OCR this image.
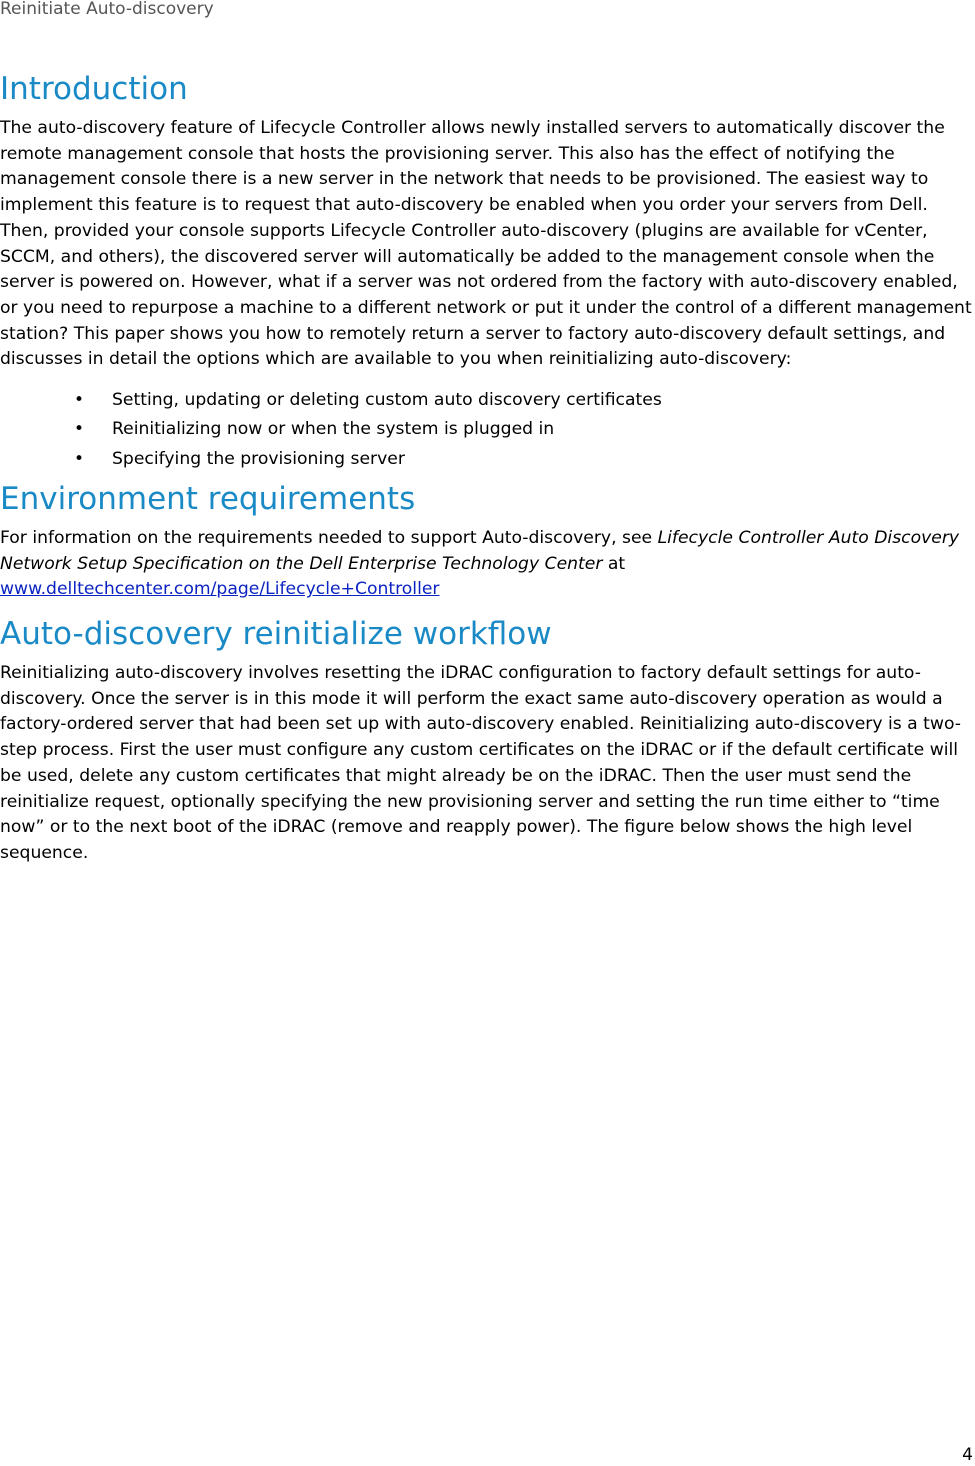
Reinitiate Auto-discovery
Introduction

The auto-discovery feature of Lifecycle Controller allows newly installed servers to automatically discover the remote management console that hosts the provisioning server. This also has the effect of notifying the management console there is a new server in the network that needs to be provisioned. The easiest way to implement this feature is to request that auto-discovery be enabled when you order your servers from Dell. Then, provided your console supports Lifecycle Controller auto-discovery (plugins are available for vCenter, SCCM, and others), the discovered server will automatically be added to the management console when the server is powered on. However, what if a server was not ordered from the factory with auto-discovery enabled, or you need to repurpose a machine to a different network or put it under the control of a different management station? This paper shows you how to remotely return a server to factory auto-discovery default settings, and discusses in detail the options which are available to you when reinitializing auto-discovery:

• Setting, updating or deleting custom auto discovery certificates
• Reinitializing now or when the system is plugged in
• Specifying the provisioning server
Environment requirements

For information on the requirements needed to support Auto-discovery, see Lifecycle Controller Auto Discovery Network Setup Specification on the Dell Enterprise Technology Center at www.delltechcenter.com/page/Lifecycle+Controller

Auto-discovery reinitialize workflow

Reinitializing auto-discovery involves resetting the iDRAC configuration to factory default settings for auto-discovery. Once the server is in this mode it will perform the exact same auto-discovery operation as would a factory-ordered server that had been set up with auto-discovery enabled. Reinitializing auto-discovery is a two-step process. First the user must configure any custom certificates on the iDRAC or if the default certificate will be used, delete any custom certificates that might already be on the iDRAC. Then the user must send the reinitialize request, optionally specifying the new provisioning server and setting the run time either to “time now” or to the next boot of the iDRAC (remove and reapply power). The figure below shows the high level sequence.

4
